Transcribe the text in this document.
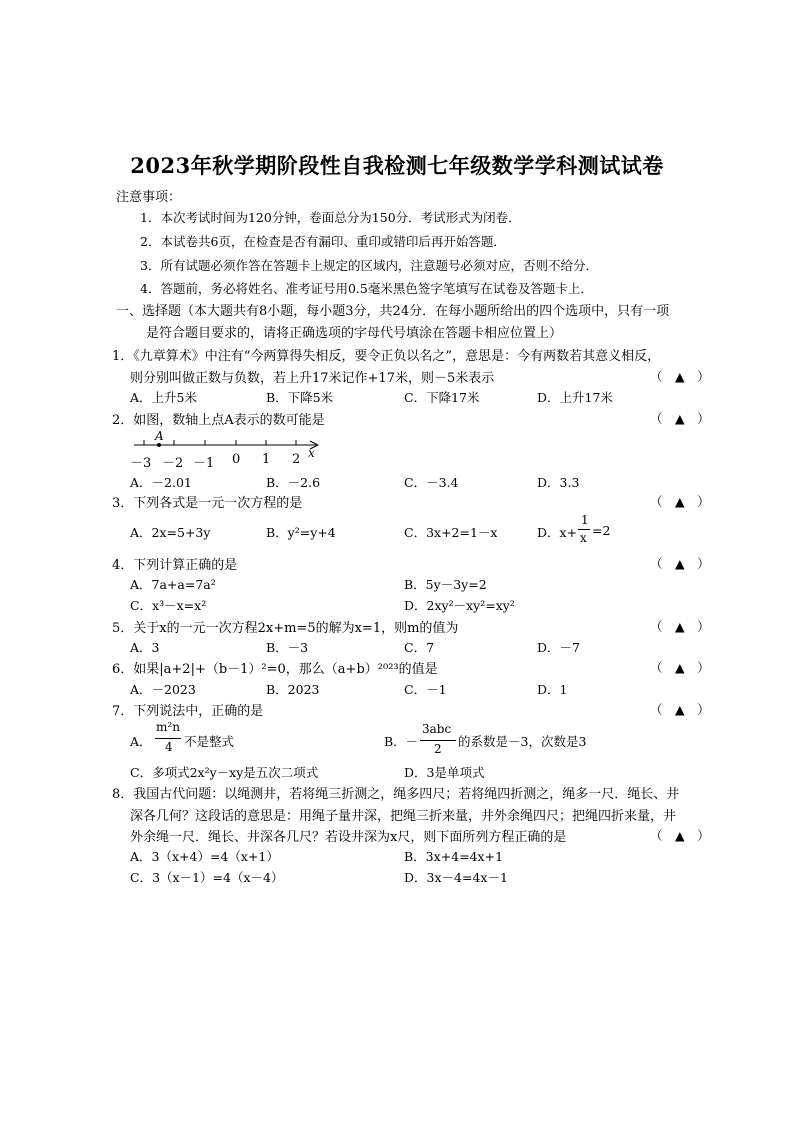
2023年秋学期阶段性自我检测七年级数学学科测试试卷
注意事项：
1．本次考试时间为120分钟，卷面总分为150分．考试形式为闭卷．
2．本试卷共6页，在检查是否有漏印、重印或错印后再开始答题．
3．所有试题必须作答在答题卡上规定的区域内，注意题号必须对应，否则不给分．
4．答题前，务必将姓名、准考证号用0.5毫米黑色签字笔填写在试卷及答题卡上．
一、选择题（本大题共有8小题，每小题3分，共24分．在每小题所给出的四个选项中，只有一项
是符合题目要求的，请将正确选项的字母代号填涂在答题卡相应位置上）
1．《九章算术》中注有“今两算得失相反，要令正负以名之”，意思是：今有两数若其意义相反，
则分别叫做正数与负数，若上升17米记作+17米，则－5米表示	（　▲　）
A．上升5米	B．下降5米	C．下降17米	D．上升17米
2．如图，数轴上点A表示的数可能是	（　▲　）
A
x
－3 －2 －1 0 1 2
A．－2.01	B．－2.6	C．－3.4	D．3.3
3．下列各式是一元一次方程的是	（　▲　）
A．2x=5+3y	B．y²=y+4	C．3x+2=1－x	D．x+
1
x =2
4．下列计算正确的是	（　▲　）
A．7a+a=7a²	B．5y－3y=2
C．x³－x=x²	D．2xy²－xy²=xy²
5．关于x的一元一次方程2x+m=5的解为x=1，则m的值为	（　▲　）
A．3	B．－3	C．7	D．－7
6．如果|a+2|+（b－1）²=0，那么（a+b）²⁰²³的值是	（　▲　）
A．－2023	B．2023	C．－1	D．1
7．下列说法中，正确的是	（　▲　）
A．
m²n
4 不是整式	B．－
3abc
2 的系数是－3，次数是3
C．多项式2x²y－xy是五次二项式	D．3是单项式
8．我国古代问题：以绳测井，若将绳三折测之，绳多四尺；若将绳四折测之，绳多一尺．绳长、井
深各几何？这段话的意思是：用绳子量井深，把绳三折来量，井外余绳四尺；把绳四折来量，井
外余绳一尺．绳长、井深各几尺？若设井深为x尺，则下面所列方程正确的是	（　▲　）
A．3（x+4）=4（x+1）	B．3x+4=4x+1
C．3（x－1）=4（x－4）	D．3x－4=4x－1
